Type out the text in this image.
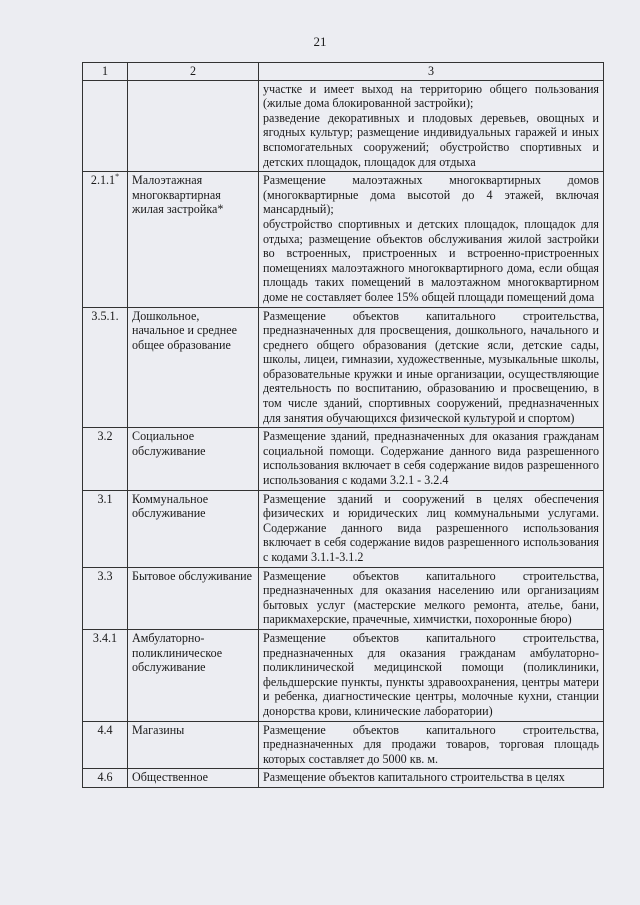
21
1	2	3

		участке и имеет выход на территорию общего пользования (жилые дома блокированной застройки);
разведение декоративных и плодовых деревьев, овощных и ягодных культур; размещение индивидуальных гаражей и иных вспомогательных сооружений; обустройство спортивных и детских площадок, площадок для отдыха

2.1.1*	Малоэтажная многоквартирная жилая застройка*	Размещение малоэтажных многоквартирных домов (многоквартирные дома высотой до 4 этажей, включая мансардный);
обустройство спортивных и детских площадок, площадок для отдыха; размещение объектов обслуживания жилой застройки во встроенных, пристроенных и встроенно-пристроенных помещениях малоэтажного многоквартирного дома, если общая площадь таких помещений в малоэтажном многоквартирном доме не составляет более 15% общей площади помещений дома

3.5.1.	Дошкольное, начальное и среднее общее образование	Размещение объектов капитального строительства, предназначенных для просвещения, дошкольного, начального и среднего общего образования (детские ясли, детские сады, школы, лицеи, гимназии, художественные, музыкальные школы, образовательные кружки и иные организации, осуществляющие деятельность по воспитанию, образованию и просвещению, в том числе зданий, спортивных сооружений, предназначенных для занятия обучающихся физической культурой и спортом)

3.2	Социальное обслуживание	Размещение зданий, предназначенных для оказания гражданам социальной помощи. Содержание данного вида разрешенного использования включает в себя содержание видов разрешенного использования с кодами 3.2.1 - 3.2.4

3.1	Коммунальное обслуживание	Размещение зданий и сооружений в целях обеспечения физических и юридических лиц коммунальными услугами. Содержание данного вида разрешенного использования включает в себя содержание видов разрешенного использования с кодами 3.1.1-3.1.2

3.3	Бытовое обслуживание	Размещение объектов капитального строительства, предназначенных для оказания населению или организациям бытовых услуг (мастерские мелкого ремонта, ателье, бани, парикмахерские, прачечные, химчистки, похоронные бюро)

3.4.1	Амбулаторно-поликлиническое обслуживание	Размещение объектов капитального строительства, предназначенных для оказания гражданам амбулаторно-поликлинической медицинской помощи (поликлиники, фельдшерские пункты, пункты здравоохранения, центры матери и ребенка, диагностические центры, молочные кухни, станции донорства крови, клинические лаборатории)

4.4	Магазины	Размещение объектов капитального строительства, предназначенных для продажи товаров, торговая площадь которых составляет до 5000 кв. м.

4.6	Общественное	Размещение объектов капитального строительства в целях
